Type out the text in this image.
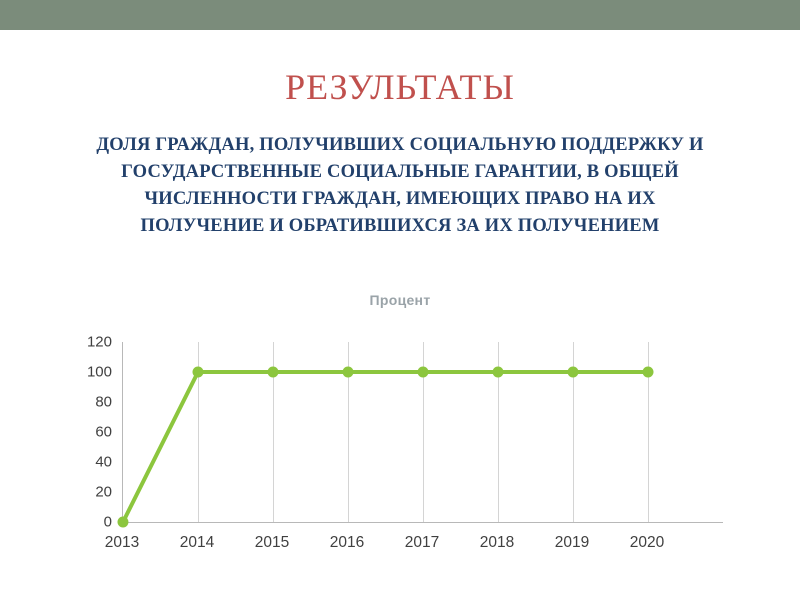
РЕЗУЛЬТАТЫ
ДОЛЯ ГРАЖДАН, ПОЛУЧИВШИХ СОЦИАЛЬНУЮ ПОДДЕРЖКУ И ГОСУДАРСТВЕННЫЕ СОЦИАЛЬНЫЕ ГАРАНТИИ, В ОБЩЕЙ ЧИСЛЕННОСТИ ГРАЖДАН, ИМЕЮЩИХ ПРАВО НА ИХ ПОЛУЧЕНИЕ И ОБРАТИВШИХСЯ ЗА ИХ ПОЛУЧЕНИЕМ
Процент
120
100
80
60
40
20
0
2013	2014	2015	2016	2017	2018	2019	2020
